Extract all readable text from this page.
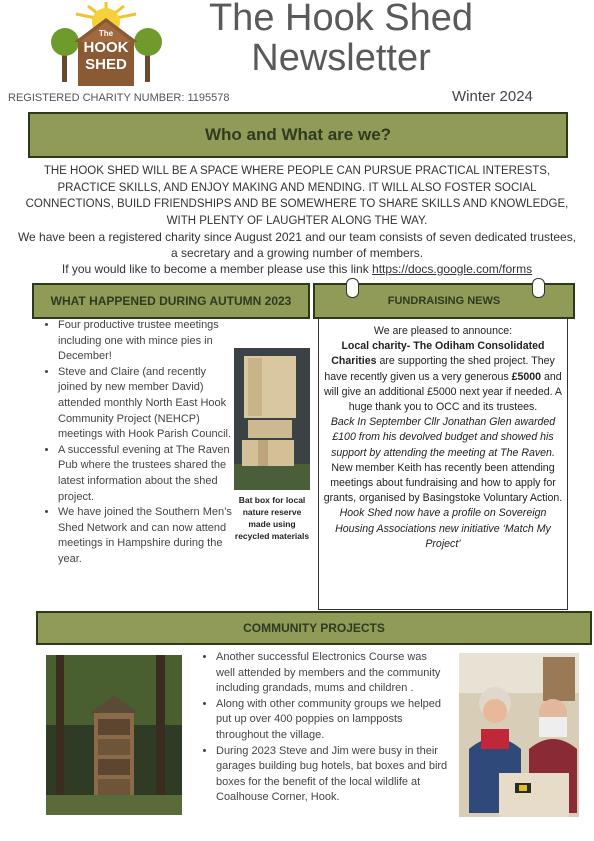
The
HOOK
SHED
The Hook Shed
Newsletter
REGISTERED CHARITY NUMBER: 1195578	Winter 2024
Who and What are we?
THE HOOK SHED WILL BE A SPACE WHERE PEOPLE CAN PURSUE PRACTICAL INTERESTS, PRACTICE SKILLS, AND ENJOY MAKING AND MENDING. IT WILL ALSO FOSTER SOCIAL CONNECTIONS, BUILD FRIENDSHIPS AND BE SOMEWHERE TO SHARE SKILLS AND KNOWLEDGE, WITH PLENTY OF LAUGHTER ALONG THE WAY.
We have been a registered charity since August 2021 and our team consists of seven dedicated trustees, a secretary and a growing number of members.
If you would like to become a member please use this link https://docs.google.com/forms
WHAT HAPPENED DURING AUTUMN 2023
• Four productive trustee meetings including one with mince pies in December!
• Steve and Claire (and recently joined by new member David) attended monthly North East Hook Community Project (NEHCP) meetings with Hook Parish Council.
• A successful evening at The Raven Pub where the trustees shared the latest information about the shed project.
• We have joined the Southern Men’s Shed Network and can now attend meetings in Hampshire during the year.
Bat box for local nature reserve made using recycled materials
FUNDRAISING NEWS

We are pleased to announce:

Local charity- The Odiham Consolidated Charities are supporting the shed project. They have recently given us a very generous £5000 and will give an additional £5000 next year if needed. A huge thank you to OCC and its trustees.

Back In September Cllr Jonathan Glen awarded £100 from his devolved budget and showed his support by attending the meeting at The Raven.

New member Keith has recently been attending meetings about fundraising and how to apply for grants, organised by Basingstoke Voluntary Action.

Hook Shed now have a profile on Sovereign Housing Associations new initiative ‘Match My Project’

COMMUNITY PROJECTS
• Another successful Electronics Course was well attended by members and the community including grandads, mums and children .
• Along with other community groups we helped put up over 400 poppies on lampposts throughout the village.
• During 2023 Steve and Jim were busy in their garages building bug hotels, bat boxes and bird boxes for the benefit of the local wildlife at Coalhouse Corner, Hook.
